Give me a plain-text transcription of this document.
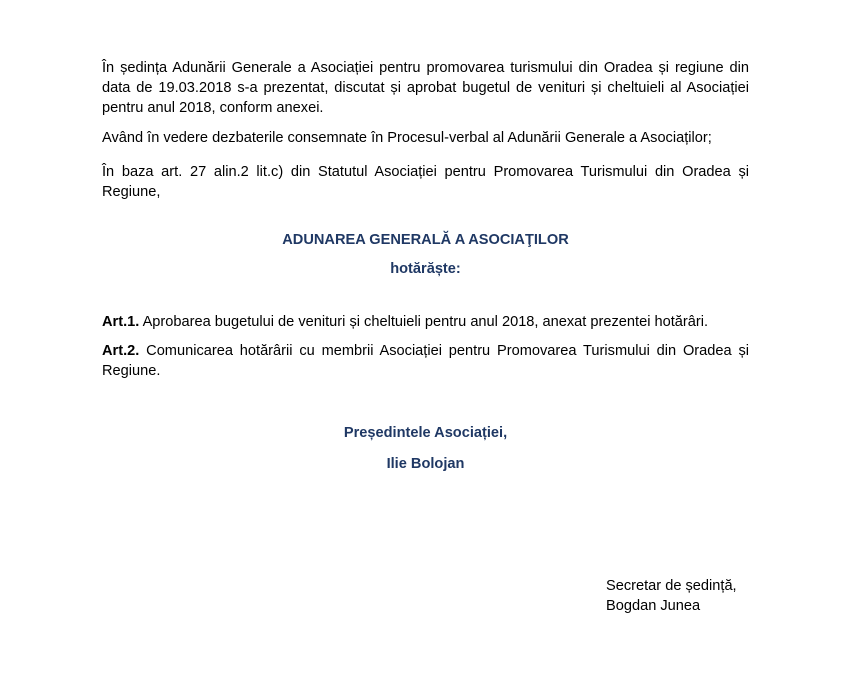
În ședința Adunării Generale a Asociației pentru promovarea turismului din Oradea și regiune din data de 19.03.2018 s-a prezentat, discutat și aprobat bugetul de venituri și cheltuieli al Asociației pentru anul 2018, conform anexei.

Având în vedere dezbaterile consemnate în Procesul-verbal al Adunării Generale a Asociaților;

În baza art. 27 alin.2 lit.c) din Statutul Asociației pentru Promovarea Turismului din Oradea și Regiune,

ADUNAREA GENERALĂ A ASOCIAŢILOR

hotărăște:

Art.1. Aprobarea bugetului de venituri și cheltuieli pentru anul 2018, anexat prezentei hotărâri.

Art.2. Comunicarea hotărârii cu membrii Asociației pentru Promovarea Turismului din Oradea și Regiune.

Președintele Asociației,

Ilie Bolojan

Secretar de ședință,
Bogdan Junea
